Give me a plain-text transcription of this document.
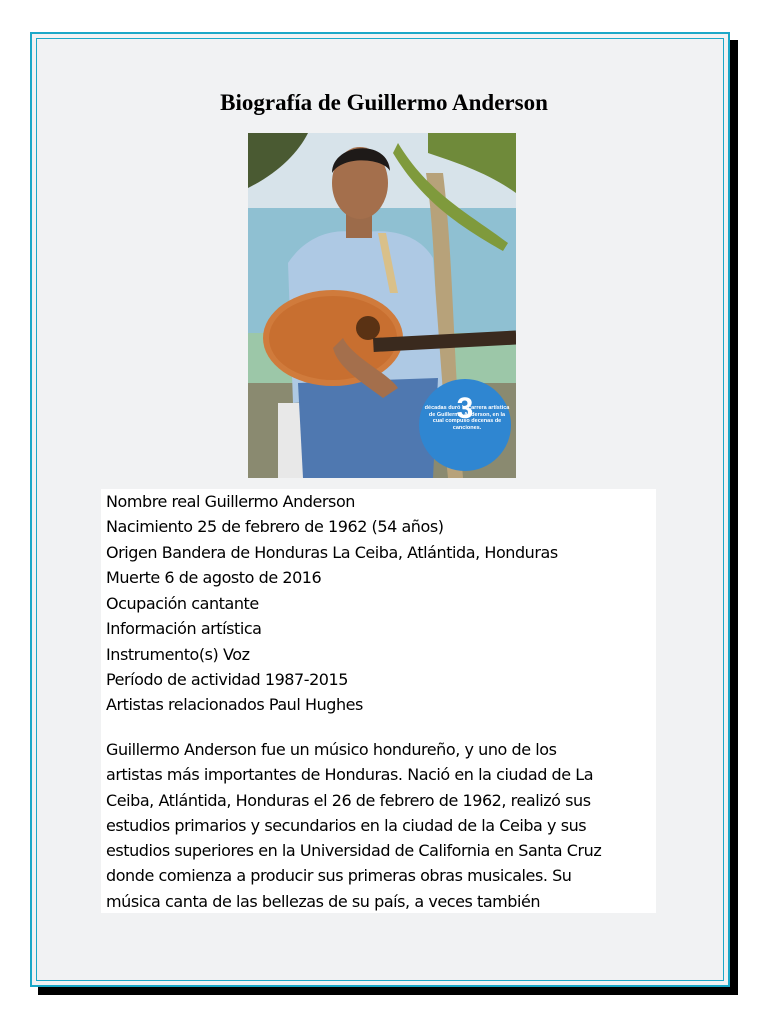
Biografía de Guillermo Anderson
3
décadas duró la carrera artística de Guillermo Anderson, en la cual compuso decenas de canciones.
Nombre real Guillermo Anderson
Nacimiento 25 de febrero de 1962 (54 años)
Origen Bandera de Honduras La Ceiba, Atlántida, Honduras
Muerte 6 de agosto de 2016
Ocupación cantante
Información artística
Instrumento(s) Voz
Período de actividad 1987-2015
Artistas relacionados Paul Hughes
Guillermo Anderson fue un músico hondureño, y uno de los
artistas más importantes de Honduras. Nació en la ciudad de La
Ceiba, Atlántida, Honduras el 26 de febrero de 1962, realizó sus
estudios primarios y secundarios en la ciudad de la Ceiba y sus
estudios superiores en la Universidad de California en Santa Cruz
donde comienza a producir sus primeras obras musicales. Su
música canta de las bellezas de su país, a veces también
